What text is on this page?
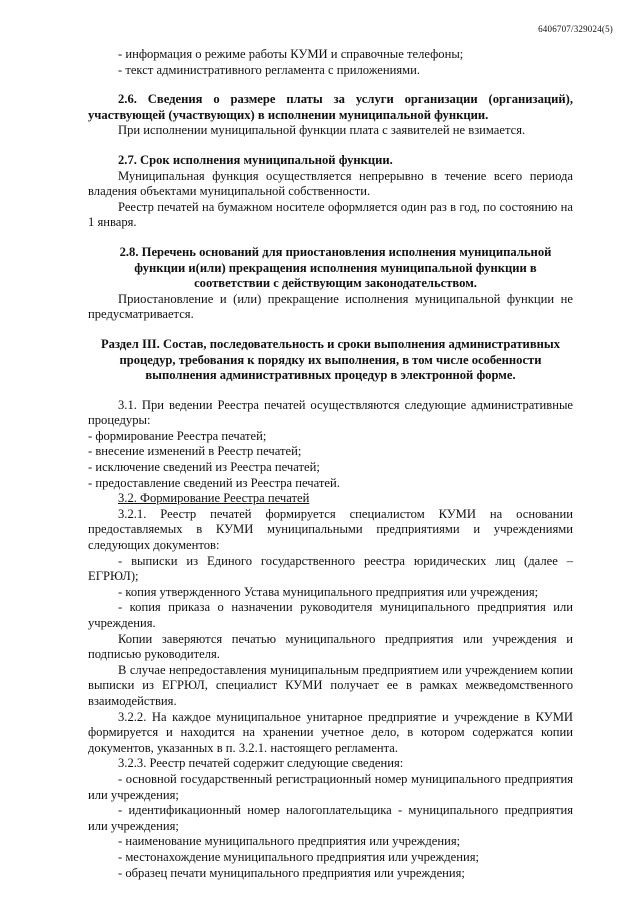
6406707/329024(5)

- информация о режиме работы КУМИ и справочные телефоны;

- текст административного регламента с приложениями.

2.6. Сведения о размере платы за услуги организации (организаций), участвующей (участвующих) в исполнении муниципальной функции.

При исполнении муниципальной функции плата с заявителей не взимается.

2.7. Срок исполнения муниципальной функции.

Муниципальная функция осуществляется непрерывно в течение всего периода владения объектами муниципальной собственности.

Реестр печатей на бумажном носителе оформляется один раз в год, по состоянию на 1 января.

2.8. Перечень оснований для приостановления исполнения муниципальной функции и(или) прекращения исполнения муниципальной функции в соответствии с действующим законодательством.

Приостановление и (или) прекращение исполнения муниципальной функции не предусматривается.

Раздел III. Состав, последовательность и сроки выполнения административных процедур, требования к порядку их выполнения, в том числе особенности выполнения административных процедур в электронной форме.

3.1. При ведении Реестра печатей осуществляются следующие административные процедуры:

- формирование Реестра печатей;

- внесение изменений в Реестр печатей;

- исключение сведений из Реестра печатей;

- предоставление сведений из Реестра печатей.

3.2. Формирование Реестра печатей

3.2.1. Реестр печатей формируется специалистом КУМИ на основании предоставляемых в КУМИ муниципальными предприятиями и учреждениями следующих документов:

- выписки из Единого государственного реестра юридических лиц (далее – ЕГРЮЛ);

- копия утвержденного Устава муниципального предприятия или учреждения;

- копия приказа о назначении руководителя муниципального предприятия или учреждения.

Копии заверяются печатью муниципального предприятия или учреждения и подписью руководителя.

В случае непредоставления муниципальным предприятием или учреждением копии выписки из ЕГРЮЛ, специалист КУМИ получает ее в рамках межведомственного взаимодействия.

3.2.2. На каждое муниципальное унитарное предприятие и учреждение в КУМИ формируется и находится на хранении учетное дело, в котором содержатся копии документов, указанных в п. 3.2.1. настоящего регламента.

3.2.3. Реестр печатей содержит следующие сведения:

- основной государственный регистрационный номер муниципального предприятия или учреждения;

- идентификационный номер налогоплательщика - муниципального предприятия или учреждения;

- наименование муниципального предприятия или учреждения;

- местонахождение муниципального предприятия или учреждения;

- образец печати муниципального предприятия или учреждения;
